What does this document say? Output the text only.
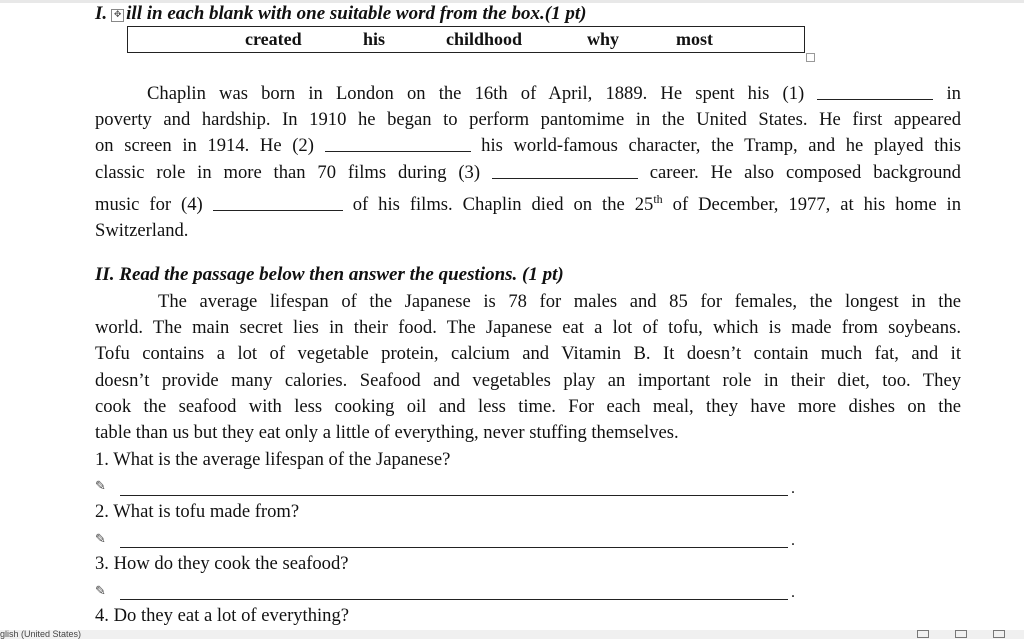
I. ✥ ill in each blank with one suitable word from the box.(1 pt)
created	his	childhood	why	most
Chaplin was born in London on the 16th of April, 1889. He spent his (1)	in
poverty and hardship. In 1910 he began to perform pantomime in the United States. He first appeared
on screen in 1914. He (2)	his world-famous character, the Tramp, and he played this
classic role in more than 70 films during (3)	career. He also composed background
music for (4)	of his films. Chaplin died on the 25th of December, 1977, at his home in
Switzerland.
II. Read the passage below then answer the questions. (1 pt)
The average lifespan of the Japanese is 78 for males and 85 for females, the longest in the
world. The main secret lies in their food. The Japanese eat a lot of tofu, which is made from soybeans.
Tofu contains a lot of vegetable protein, calcium and Vitamin B. It doesn’t contain much fat, and it
doesn’t provide many calories. Seafood and vegetables play an important role in their diet, too. They
cook the seafood with less cooking oil and less time. For each meal, they have more dishes on the
table than us but they eat only a little of everything, never stuffing themselves.
1. What is the average lifespan of the Japanese?
✎	.
2. What is tofu made from?
✎	.
3. How do they cook the seafood?
✎	.
4. Do they eat a lot of everything?
glish (United States)
